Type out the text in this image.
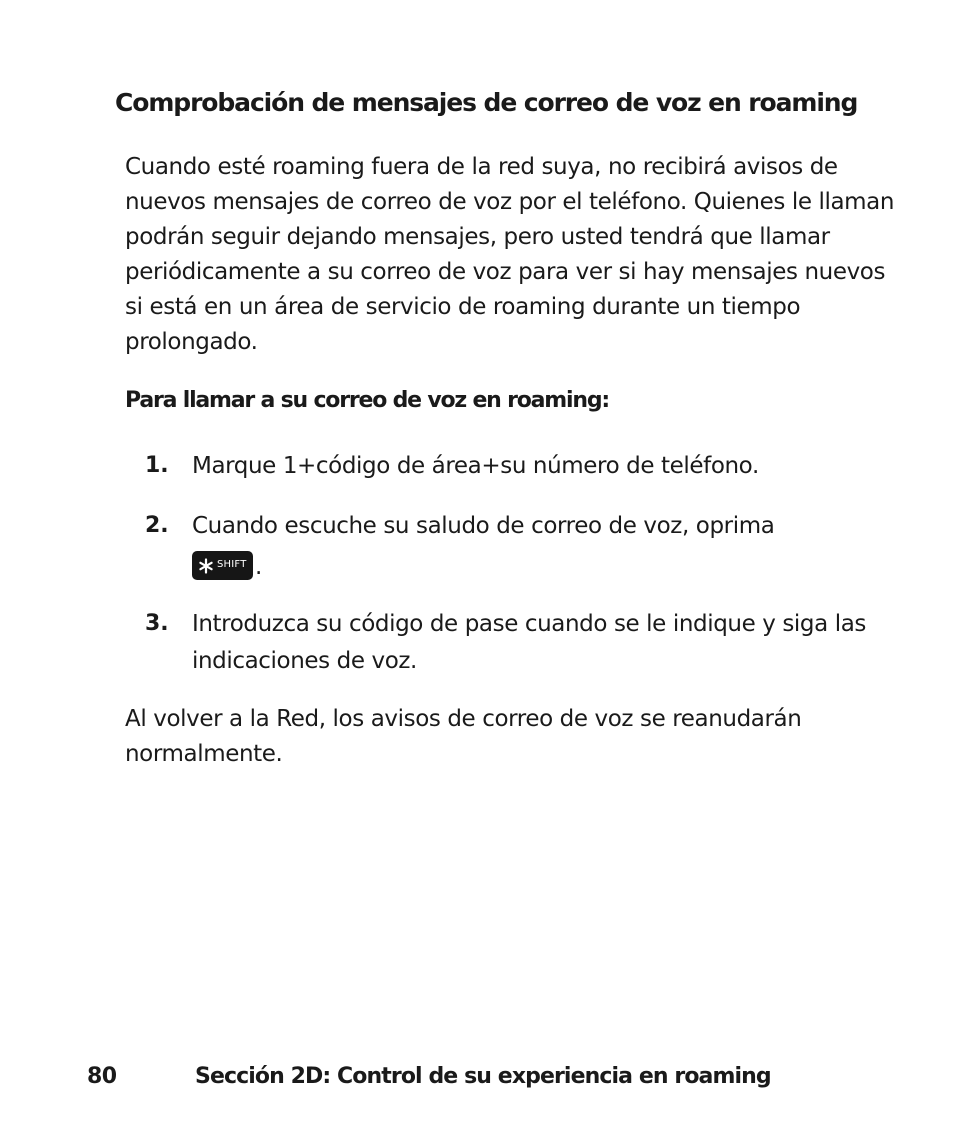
Comprobación de mensajes de correo de voz en roaming

Cuando esté roaming fuera de la red suya, no recibirá avisos de nuevos mensajes de correo de voz por el teléfono. Quienes le llaman podrán seguir dejando mensajes, pero usted tendrá que llamar periódicamente a su correo de voz para ver si hay mensajes nuevos si está en un área de servicio de roaming durante un tiempo prolongado.

Para llamar a su correo de voz en roaming:
1. Marque 1+código de área+su número de teléfono.
2. Cuando escuche su saludo de correo de voz, oprima
SHIFT .
3. Introduzca su código de pase cuando se le indique y siga las indicaciones de voz.

Al volver a la Red, los avisos de correo de voz se reanudarán normalmente.

80	Sección 2D: Control de su experiencia en roaming
